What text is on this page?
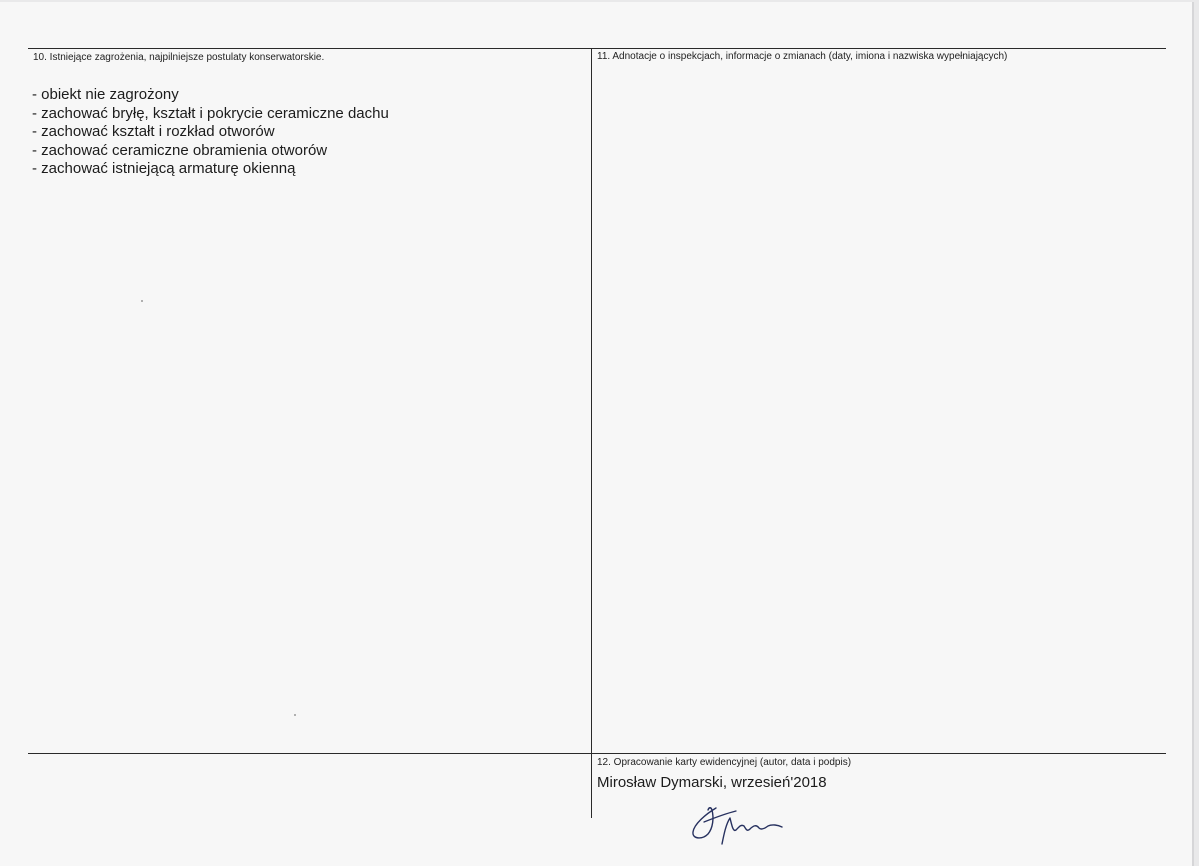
10. Istniejące zagrożenia, najpilniejsze postulaty konserwatorskie.
- obiekt nie zagrożony
- zachować bryłę, kształt i pokrycie ceramiczne dachu
- zachować kształt i rozkład otworów
- zachować ceramiczne obramienia otworów
- zachować istniejącą armaturę okienną
11. Adnotacje o inspekcjach, informacje o zmianach (daty, imiona i nazwiska wypełniających)
12. Opracowanie karty ewidencyjnej (autor, data i podpis)
Mirosław Dymarski, wrzesień'2018
